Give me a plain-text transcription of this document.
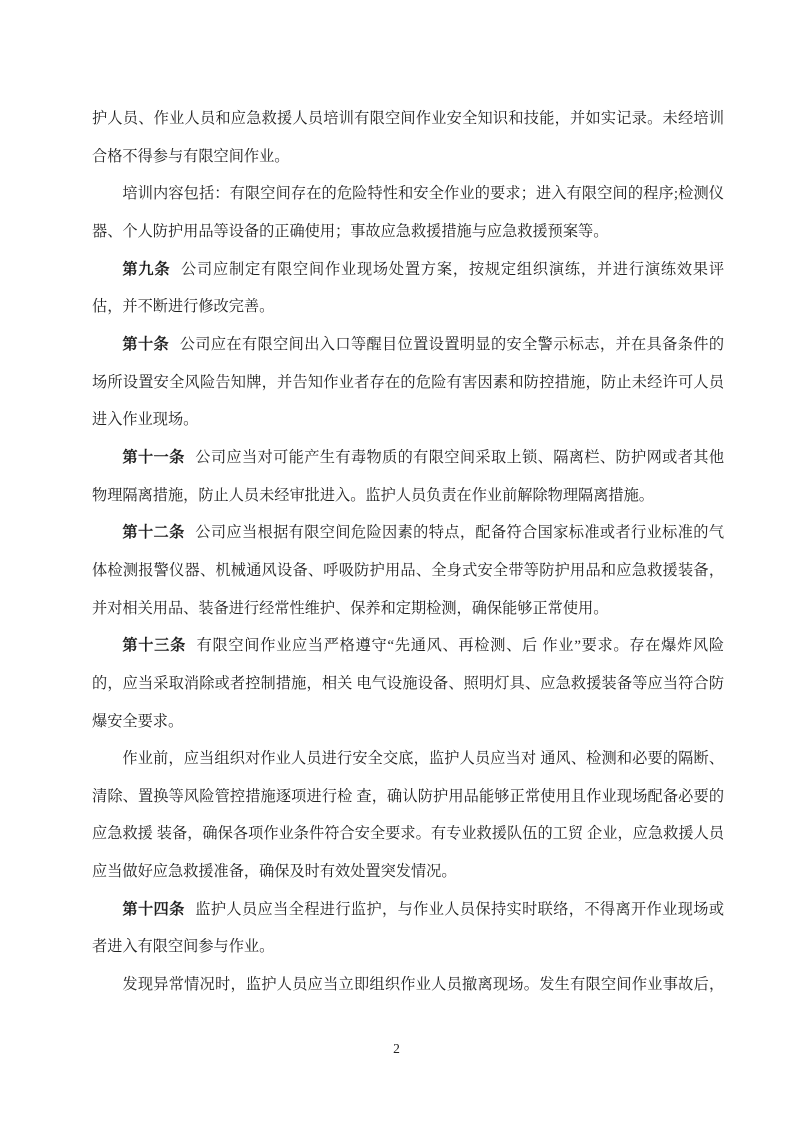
护人员、作业人员和应急救援人员培训有限空间作业安全知识和技能，并如实记录。未经培训合格不得参与有限空间作业。

培训内容包括：有限空间存在的危险特性和安全作业的要求；进入有限空间的程序;检测仪器、个人防护用品等设备的正确使用；事故应急救援措施与应急救援预案等。

第九条 公司应制定有限空间作业现场处置方案，按规定组织演练，并进行演练效果评估，并不断进行修改完善。

第十条 公司应在有限空间出入口等醒目位置设置明显的安全警示标志，并在具备条件的场所设置安全风险告知牌，并告知作业者存在的危险有害因素和防控措施，防止未经许可人员进入作业现场。

第十一条 公司应当对可能产生有毒物质的有限空间采取上锁、隔离栏、防护网或者其他物理隔离措施，防止人员未经审批进入。监护人员负责在作业前解除物理隔离措施。

第十二条 公司应当根据有限空间危险因素的特点，配备符合国家标准或者行业标准的气体检测报警仪器、机械通风设备、呼吸防护用品、全身式安全带等防护用品和应急救援装备，并对相关用品、装备进行经常性维护、保养和定期检测，确保能够正常使用。

第十三条 有限空间作业应当严格遵守“先通风、再检测、后 作业”要求。存在爆炸风险的，应当采取消除或者控制措施，相关 电气设施设备、照明灯具、应急救援装备等应当符合防爆安全要求。

作业前，应当组织对作业人员进行安全交底，监护人员应当对 通风、检测和必要的隔断、清除、置换等风险管控措施逐项进行检 查，确认防护用品能够正常使用且作业现场配备必要的应急救援 装备，确保各项作业条件符合安全要求。有专业救援队伍的工贸 企业，应急救援人员应当做好应急救援准备，确保及时有效处置突发情况。

第十四条 监护人员应当全程进行监护，与作业人员保持实时联络，不得离开作业现场或者进入有限空间参与作业。

发现异常情况时，监护人员应当立即组织作业人员撤离现场。发生有限空间作业事故后，

2
